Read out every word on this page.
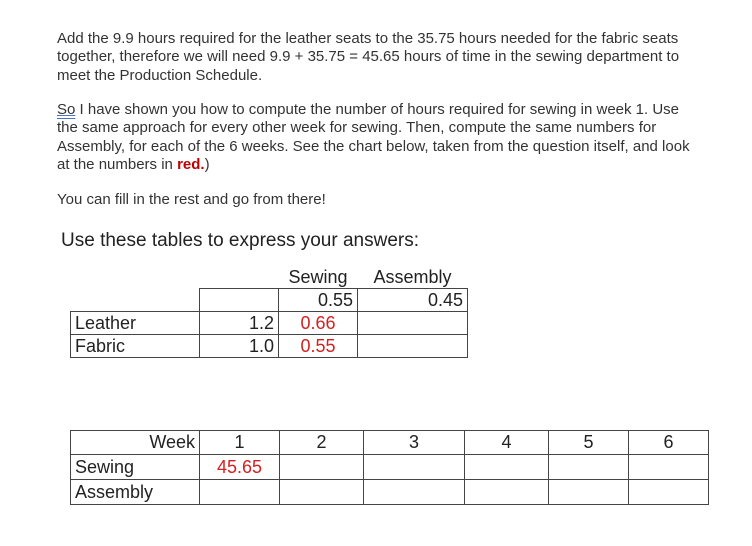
Add the 9.9 hours required for the leather seats to the 35.75 hours needed for the fabric seats together, therefore we will need 9.9 + 35.75 = 45.65 hours of time in the sewing department to meet the Production Schedule.

So I have shown you how to compute the number of hours required for sewing in week 1. Use the same approach for every other week for sewing. Then, compute the same numbers for Assembly, for each of the 6 weeks. See the chart below, taken from the question itself, and look at the numbers in red.)

You can fill in the rest and go from there!

Use these tables to express your answers:

		Sewing	Assembly
		0.55	0.45
Leather	1.2	0.66	
Fabric	1.0	0.55	
Week	1	2	3	4	5	6
Sewing	45.65					
Assembly						
